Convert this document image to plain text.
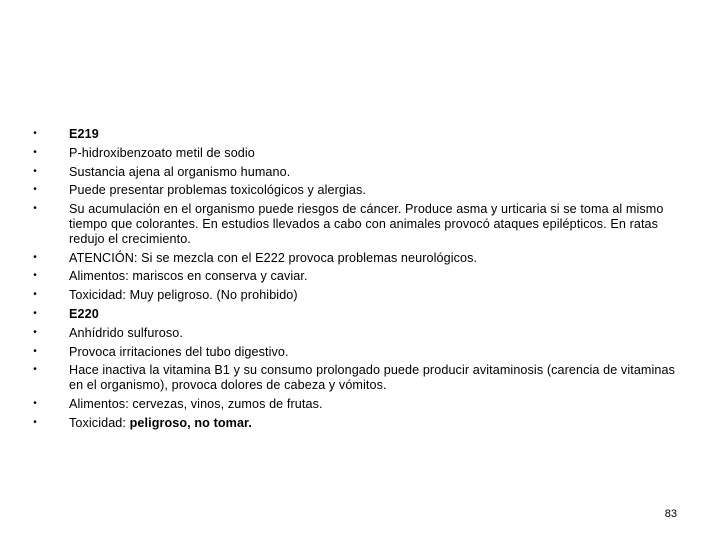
•	E219
•	P-hidroxibenzoato metil de sodio
•	Sustancia ajena al organismo humano.
•	Puede presentar problemas toxicológicos y alergias.
•	Su acumulación en el organismo puede riesgos de cáncer. Produce asma y urticaria si se toma al mismo tiempo que colorantes. En estudios llevados a cabo con animales provocó ataques epilépticos. En ratas redujo el crecimiento.
•	ATENCIÓN: Si se mezcla con el E222 provoca problemas neurológicos.
•	Alimentos: mariscos en conserva y caviar.
•	Toxicidad: Muy peligroso. (No prohibido)
•	E220
•	Anhídrido sulfuroso.
•	Provoca irritaciones del tubo digestivo.
•	Hace inactiva la vitamina B1 y su consumo prolongado puede producir avitaminosis (carencia de vitaminas en el organismo), provoca dolores de cabeza y vómitos.
•	Alimentos: cervezas, vinos, zumos de frutas.
•	Toxicidad: peligroso, no tomar.
83
